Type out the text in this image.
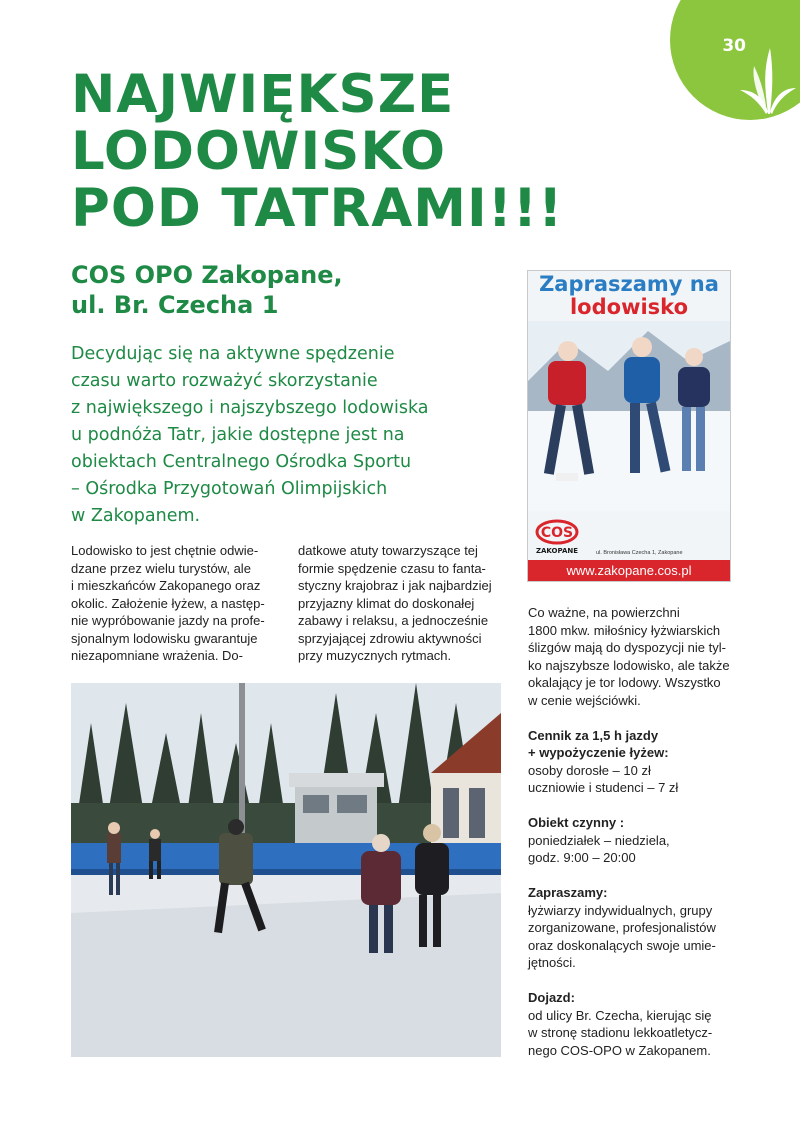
30
NAJWIĘKSZE
LODOWISKO
POD TATRAMI!!!
COS OPO Zakopane,
ul. Br. Czecha 1

Decydując się na aktywne spędzenie
czasu warto rozważyć skorzystanie
z największego i najszybszego lodowiska
u podnóża Tatr, jakie dostępne jest na
obiektach Centralnego Ośrodka Sportu
– Ośrodka Przygotowań Olimpijskich
w Zakopanem.

Lodowisko to jest chętnie odwie-
dzane przez wielu turystów, ale
i mieszkańców Zakopanego oraz
okolic. Założenie łyżew, a następ-
nie wypróbowanie jazdy na profe-
sjonalnym lodowisku gwarantuje
niezapomniane wrażenia. Do-

datkowe atuty towarzyszące tej
formie spędzenie czasu to fanta-
styczny krajobraz i jak najbardziej
przyjazny klimat do doskonałej
zabawy i relaksu, a jednocześnie
sprzyjającej zdrowiu aktywności
przy muzycznych rytmach.

Zapraszamy na
lodowisko

COS
ZAKOPANE	ul. Bronisława Czecha 1, Zakopane

www.zakopane.cos.pl

Co ważne, na powierzchni
1800 mkw. miłośnicy łyżwiarskich
ślizgów mają do dyspozycji nie tyl-
ko najszybsze lodowisko, ale także
okalający je tor lodowy. Wszystko
w cenie wejściówki.

Cennik za 1,5 h jazdy
+ wypożyczenie łyżew:
osoby dorosłe – 10 zł
uczniowie i studenci – 7 zł

Obiekt czynny :
poniedziałek – niedziela,
godz. 9:00 – 20:00

Zapraszamy:
łyżwiarzy indywidualnych, grupy
zorganizowane, profesjonalistów
oraz doskonalących swoje umie-
jętności.

Dojazd:
od ulicy Br. Czecha, kierując się
w stronę stadionu lekkoatletycz-
nego COS-OPO w Zakopanem.
